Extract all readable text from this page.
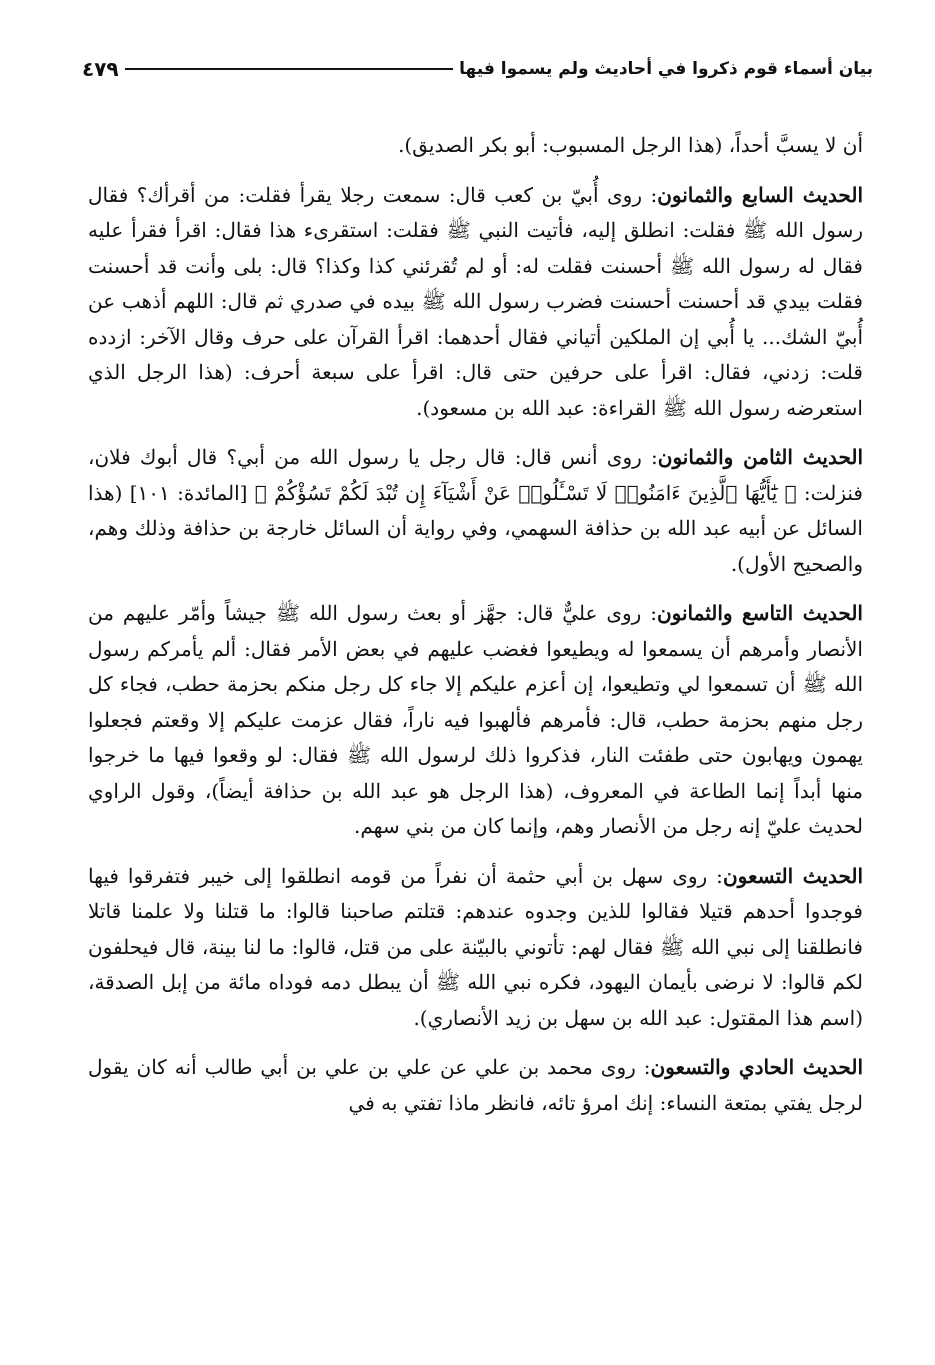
بيان أسماء قوم ذكروا في أحاديث ولم يسموا فيها
٤٧٩

أن لا يسبَّ أحداً، (هذا الرجل المسبوب: أبو بكر الصديق).

الحديث السابع والثمانون: روى أُبيّ بن كعب قال: سمعت رجلا يقرأ فقلت: من أقرأك؟ فقال رسول الله ﷺ فقلت: انطلق إليه، فأتيت النبي ﷺ فقلت: استقرىء هذا فقال: اقرأ فقرأ عليه فقال له رسول الله ﷺ أحسنت فقلت له: أو لم تُقرئني كذا وكذا؟ قال: بلى وأنت قد أحسنت فقلت بيدي قد أحسنت أحسنت فضرب رسول الله ﷺ بيده في صدري ثم قال: اللهم أذهب عن أُبيّ الشك... يا أُبي إن الملكين أتياني فقال أحدهما: اقرأ القرآن على حرف وقال الآخر: ازدده قلت: زدني، فقال: اقرأ على حرفين حتى قال: اقرأ على سبعة أحرف: (هذا الرجل الذي استعرضه رسول الله ﷺ القراءة: عبد الله بن مسعود).

الحديث الثامن والثمانون: روى أنس قال: قال رجل يا رسول الله من أبي؟ قال أبوك فلان، فنزلت: ﴿ يَٰٓأَيُّهَا ٱلَّذِينَ ءَامَنُوا۟ لَا تَسْـَٔلُوا۟ عَنْ أَشْيَآءَ إِن تُبْدَ لَكُمْ تَسُؤْكُمْ ﴾ [المائدة: ١٠١] (هذا السائل عن أبيه عبد الله بن حذافة السهمي، وفي رواية أن السائل خارجة بن حذافة وذلك وهم، والصحيح الأول).

الحديث التاسع والثمانون: روى عليٌّ قال: جهَّز أو بعث رسول الله ﷺ جيشاً وأمّر عليهم من الأنصار وأمرهم أن يسمعوا له ويطيعوا فغضب عليهم في بعض الأمر فقال: ألم يأمركم رسول الله ﷺ أن تسمعوا لي وتطيعوا، إن أعزم عليكم إلا جاء كل رجل منكم بحزمة حطب، فجاء كل رجل منهم بحزمة حطب، قال: فأمرهم فألهبوا فيه ناراً، فقال عزمت عليكم إلا وقعتم فجعلوا يهمون ويهابون حتى طفئت النار، فذكروا ذلك لرسول الله ﷺ فقال: لو وقعوا فيها ما خرجوا منها أبداً إنما الطاعة في المعروف، (هذا الرجل هو عبد الله بن حذافة أيضاً)، وقول الراوي لحديث عليّ إنه رجل من الأنصار وهم، وإنما كان من بني سهم.

الحديث التسعون: روى سهل بن أبي حثمة أن نفراً من قومه انطلقوا إلى خيبر فتفرقوا فيها فوجدوا أحدهم قتيلا فقالوا للذين وجدوه عندهم: قتلتم صاحبنا قالوا: ما قتلنا ولا علمنا قاتلا فانطلقنا إلى نبي الله ﷺ فقال لهم: تأتوني بالبيّنة على من قتل، قالوا: ما لنا بينة، قال فيحلفون لكم قالوا: لا نرضى بأيمان اليهود، فكره نبي الله ﷺ أن يبطل دمه فوداه مائة من إبل الصدقة، (اسم هذا المقتول: عبد الله بن سهل بن زيد الأنصاري).

الحديث الحادي والتسعون: روى محمد بن علي عن علي بن علي بن أبي طالب أنه كان يقول لرجل يفتي بمتعة النساء: إنك امرؤ تائه، فانظر ماذا تفتي به في
